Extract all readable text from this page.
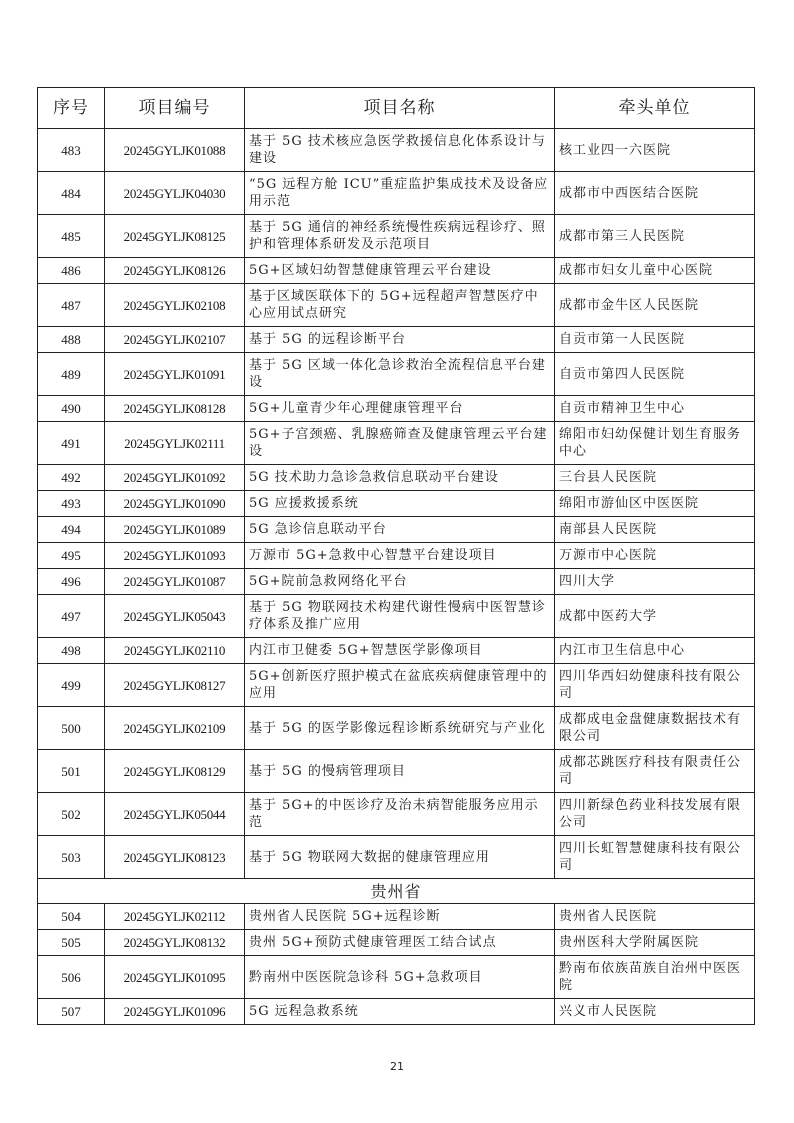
序号	项目编号	项目名称	牵头单位
483	20245GYLJK01088	基于 5G 技术核应急医学救援信息化体系设计与建设	核工业四一六医院
484	20245GYLJK04030	“5G 远程方舱 ICU”重症监护集成技术及设备应用示范	成都市中西医结合医院
485	20245GYLJK08125	基于 5G 通信的神经系统慢性疾病远程诊疗、照护和管理体系研发及示范项目	成都市第三人民医院
486	20245GYLJK08126	5G+区域妇幼智慧健康管理云平台建设	成都市妇女儿童中心医院
487	20245GYLJK02108	基于区域医联体下的 5G+远程超声智慧医疗中心应用试点研究	成都市金牛区人民医院
488	20245GYLJK02107	基于 5G 的远程诊断平台	自贡市第一人民医院
489	20245GYLJK01091	基于 5G 区域一体化急诊救治全流程信息平台建设	自贡市第四人民医院
490	20245GYLJK08128	5G+儿童青少年心理健康管理平台	自贡市精神卫生中心
491	20245GYLJK02111	5G+子宫颈癌、乳腺癌筛查及健康管理云平台建设	绵阳市妇幼保健计划生育服务中心
492	20245GYLJK01092	5G 技术助力急诊急救信息联动平台建设	三台县人民医院
493	20245GYLJK01090	5G 应援救援系统	绵阳市游仙区中医医院
494	20245GYLJK01089	5G 急诊信息联动平台	南部县人民医院
495	20245GYLJK01093	万源市 5G+急救中心智慧平台建设项目	万源市中心医院
496	20245GYLJK01087	5G+院前急救网络化平台	四川大学
497	20245GYLJK05043	基于 5G 物联网技术构建代谢性慢病中医智慧诊疗体系及推广应用	成都中医药大学
498	20245GYLJK02110	内江市卫健委 5G+智慧医学影像项目	内江市卫生信息中心
499	20245GYLJK08127	5G+创新医疗照护模式在盆底疾病健康管理中的应用	四川华西妇幼健康科技有限公司
500	20245GYLJK02109	基于 5G 的医学影像远程诊断系统研究与产业化	成都成电金盘健康数据技术有限公司
501	20245GYLJK08129	基于 5G 的慢病管理项目	成都芯跳医疗科技有限责任公司
502	20245GYLJK05044	基于 5G+的中医诊疗及治未病智能服务应用示范	四川新绿色药业科技发展有限公司
503	20245GYLJK08123	基于 5G 物联网大数据的健康管理应用	四川长虹智慧健康科技有限公司
贵州省			
504	20245GYLJK02112	贵州省人民医院 5G+远程诊断	贵州省人民医院
505	20245GYLJK08132	贵州 5G+预防式健康管理医工结合试点	贵州医科大学附属医院
506	20245GYLJK01095	黔南州中医医院急诊科 5G+急救项目	黔南布依族苗族自治州中医医院
507	20245GYLJK01096	5G 远程急救系统	兴义市人民医院
21
